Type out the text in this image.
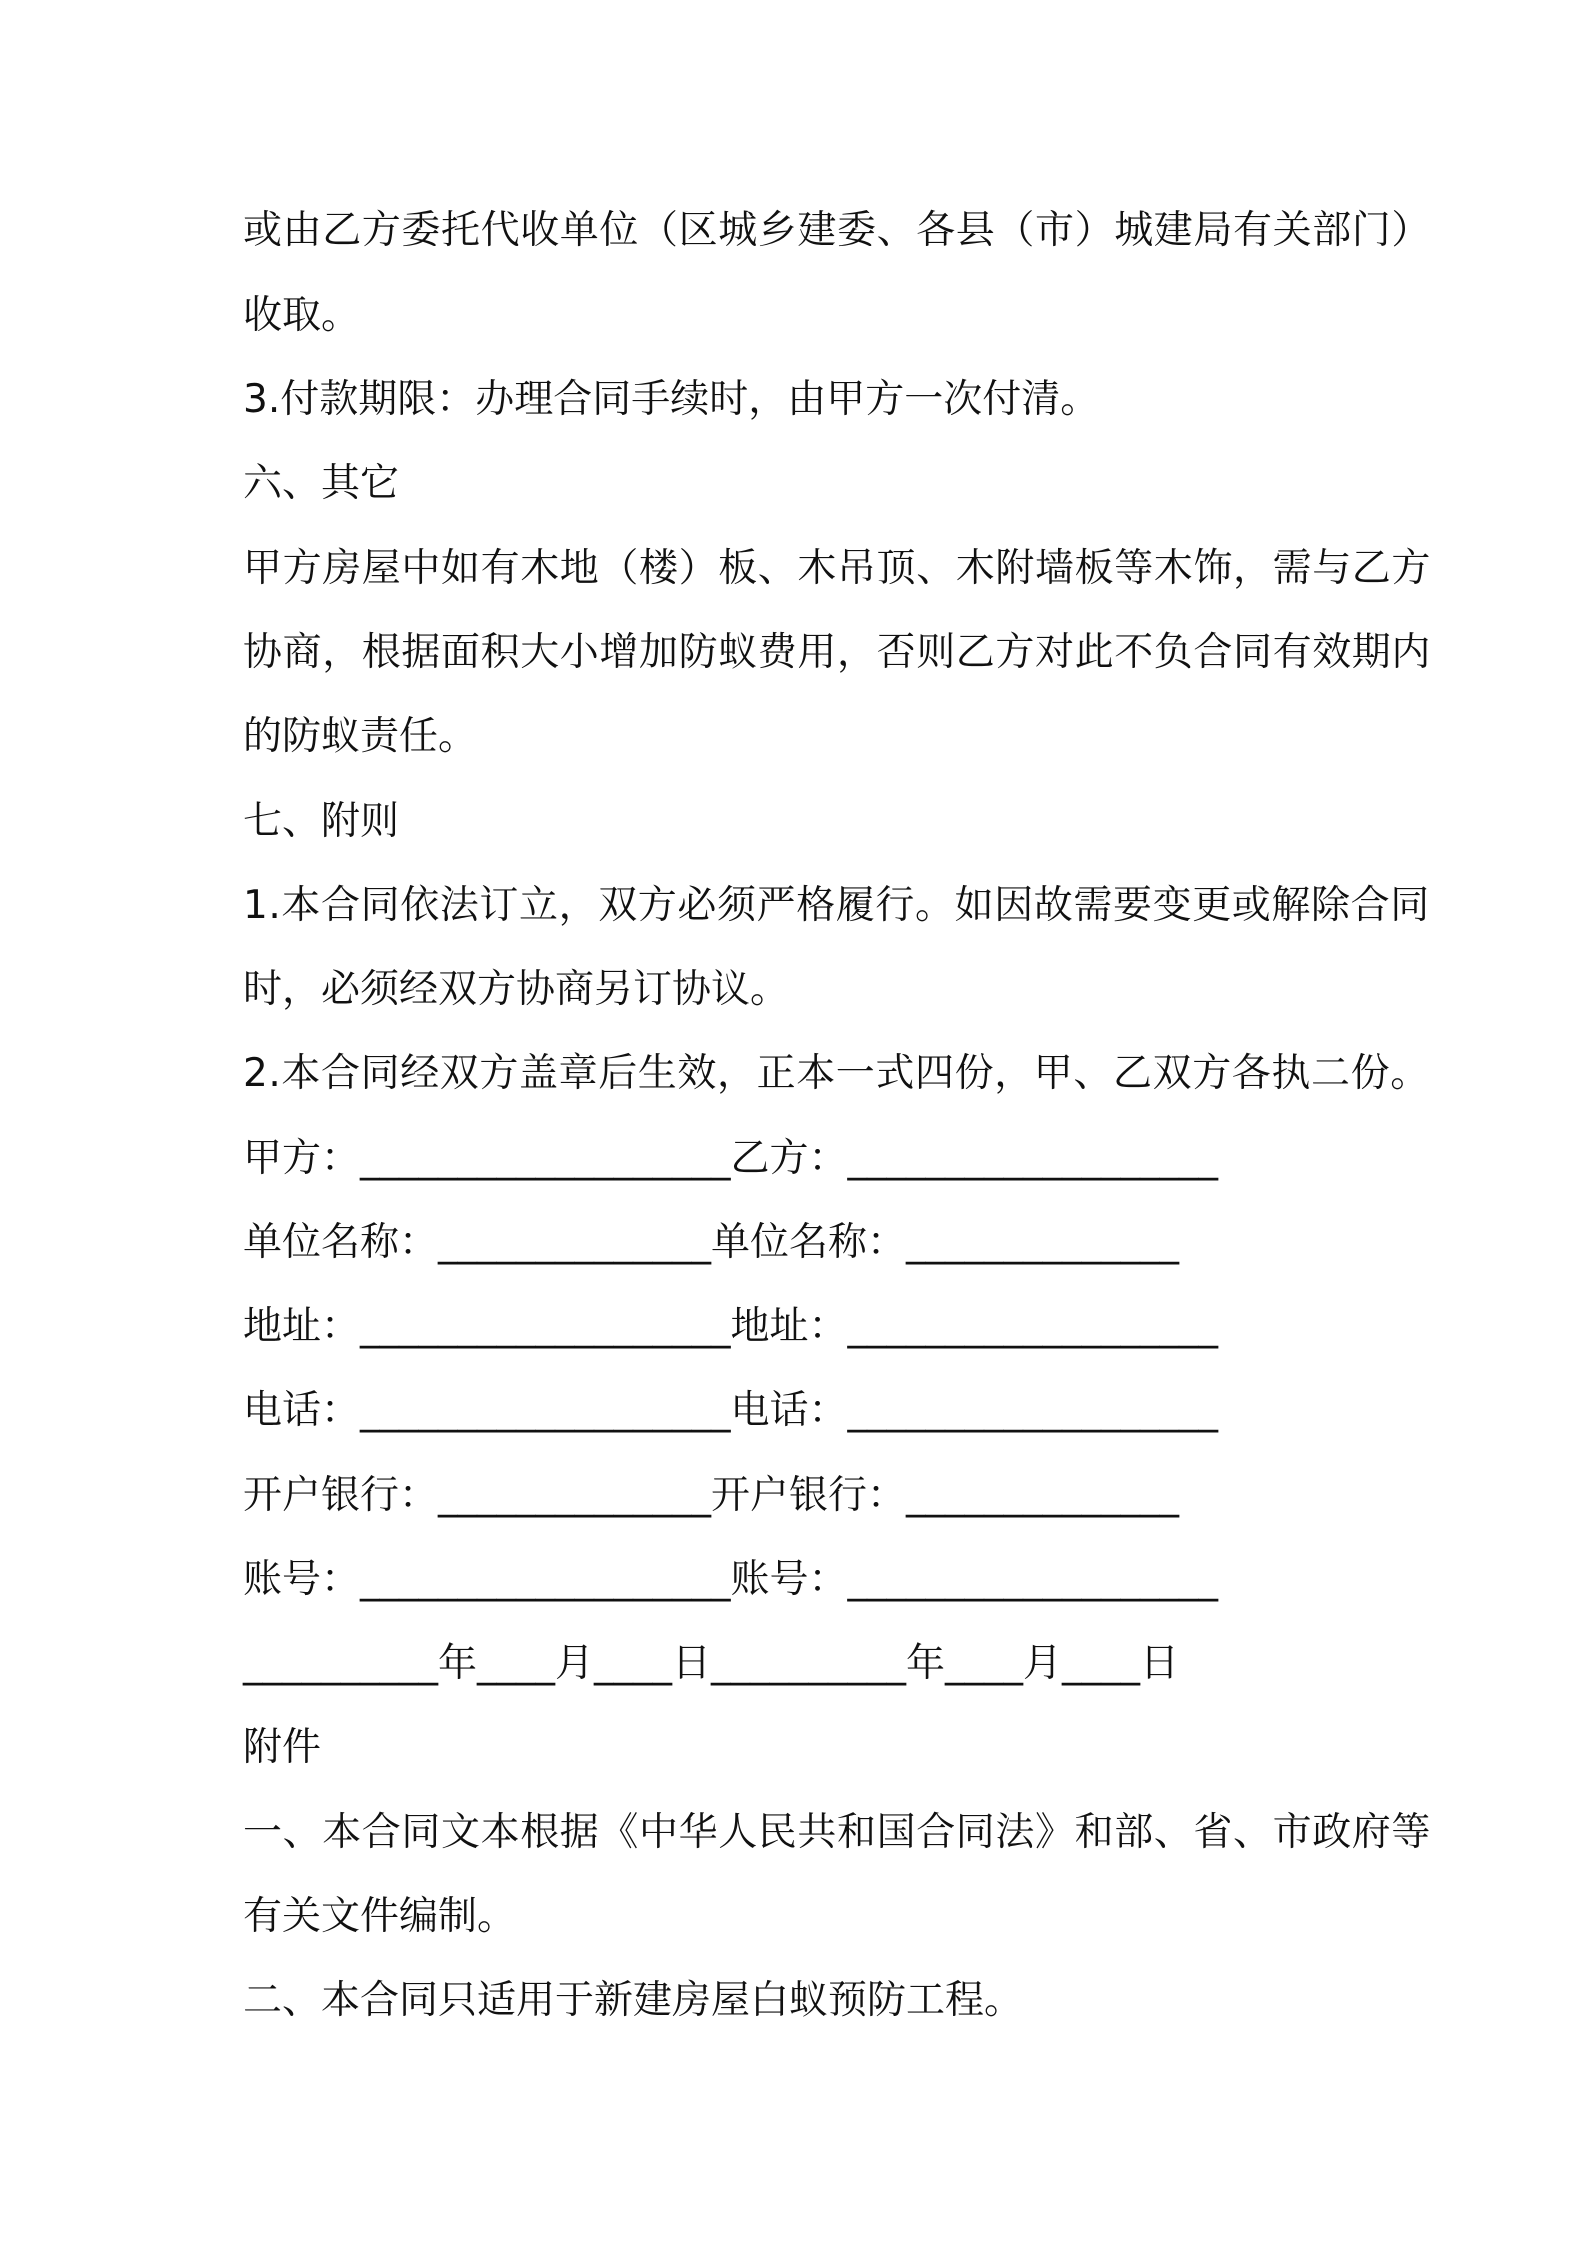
或由乙方委托代收单位（区城乡建委、各县（市）城建局有关部门）

收取。

3.付款期限：办理合同手续时，由甲方一次付清。

六、其它

甲方房屋中如有木地（楼）板、木吊顶、木附墙板等木饰，需与乙方

协商，根据面积大小增加防蚁费用，否则乙方对此不负合同有效期内

的防蚁责任。

七、附则

1.本合同依法订立，双方必须严格履行。如因故需要变更或解除合同

时，必须经双方协商另订协议。

2.本合同经双方盖章后生效，正本一式四份，甲、乙双方各执二份。

甲方：___________________乙方：___________________

单位名称：______________单位名称：______________

地址：___________________地址：___________________

电话：___________________电话：___________________

开户银行：______________开户银行：______________

账号：___________________账号：___________________

__________年____月____日__________年____月____日

附件

一、本合同文本根据《中华人民共和国合同法》和部、省、市政府等

有关文件编制。

二、本合同只适用于新建房屋白蚁预防工程。
